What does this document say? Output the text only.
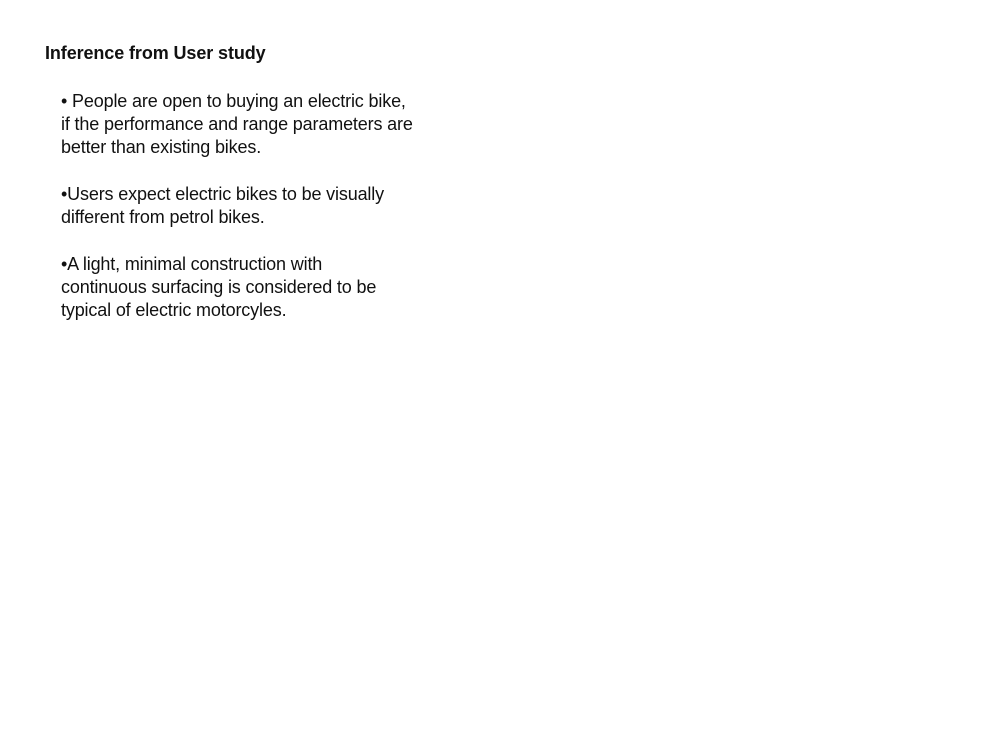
Inference from User study
• People are open to buying an electric bike,
if the performance and range parameters are
better than existing bikes.
•Users expect electric bikes to be visually
different from petrol bikes.
•A light, minimal construction with
continuous surfacing is considered to be
typical of electric motorcyles.
